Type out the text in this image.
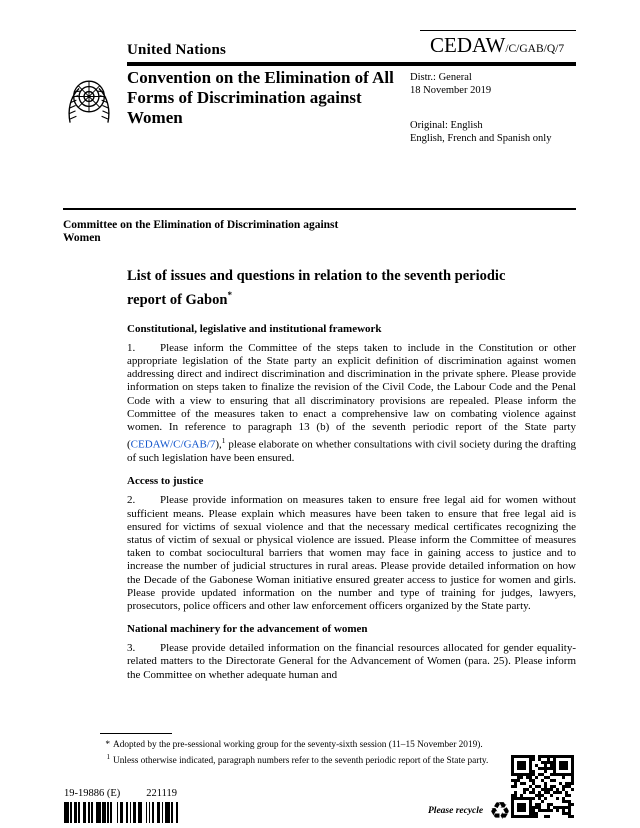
United Nations	CEDAW/C/GAB/Q/7
Convention on the Elimination of All Forms of Discrimination against Women
Distr.: General
18 November 2019
Original: English
English, French and Spanish only
Committee on the Elimination of Discrimination against Women
List of issues and questions in relation to the seventh periodic report of Gabon*
Constitutional, legislative and institutional framework

1. Please inform the Committee of the steps taken to include in the Constitution or other appropriate legislation of the State party an explicit definition of discrimination against women addressing direct and indirect discrimination and discrimination in the private sphere. Please provide information on steps taken to finalize the revision of the Civil Code, the Labour Code and the Penal Code with a view to ensuring that all discriminatory provisions are repealed. Please inform the Committee of the measures taken to enact a comprehensive law on combating violence against women. In reference to paragraph 13 (b) of the seventh periodic report of the State party (CEDAW/C/GAB/7),$^1$ please elaborate on whether consultations with civil society during the drafting of such legislation have been ensured.

Access to justice

2. Please provide information on measures taken to ensure free legal aid for women without sufficient means. Please explain which measures have been taken to ensure that free legal aid is ensured for victims of sexual violence and that the necessary medical certificates recognizing the status of victim of sexual or physical violence are issued. Please inform the Committee of measures taken to combat sociocultural barriers that women may face in gaining access to justice and to increase the number of judicial structures in rural areas. Please provide detailed information on how the Decade of the Gabonese Woman initiative ensured greater access to justice for women and girls. Please provide updated information on the number and type of training for judges, lawyers, prosecutors, police officers and other law enforcement officers organized by the State party.

National machinery for the advancement of women

3. Please provide detailed information on the financial resources allocated for gender equality-related matters to the Directorate General for the Advancement of Women (para. 25). Please inform the Committee on whether adequate human and

* Adopted by the pre-sessional working group for the seventy-sixth session (11–15 November 2019).
$^1$ Unless otherwise indicated, paragraph numbers refer to the seventh periodic report of the State party.
19-19886 (E) 221119
Please recycle ♻
